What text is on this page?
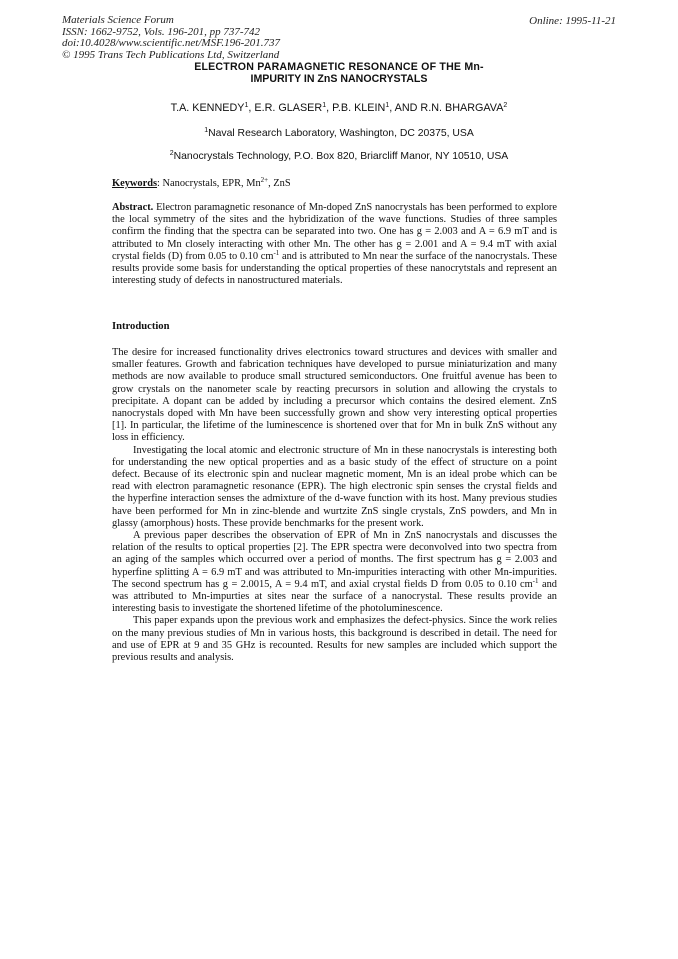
Materials Science Forum
ISSN: 1662-9752, Vols. 196-201, pp 737-742
doi:10.4028/www.scientific.net/MSF.196-201.737
© 1995 Trans Tech Publications Ltd, Switzerland
Online: 1995-11-21
ELECTRON PARAMAGNETIC RESONANCE OF THE Mn-
IMPURITY IN ZnS NANOCRYSTALS
T.A. KENNEDY$^1$, E.R. GLASER$^1$, P.B. KLEIN$^1$, AND R.N. BHARGAVA$^2$
$^1$Naval Research Laboratory, Washington, DC 20375, USA
$^2$Nanocrystals Technology, P.O. Box 820, Briarcliff Manor, NY 10510, USA
Keywords: Nanocrystals, EPR, $Mn^{2+}$, ZnS
Abstract. Electron paramagnetic resonance of Mn-doped ZnS nanocrystals has been performed to explore the local symmetry of the sites and the hybridization of the wave functions. Studies of three samples confirm the finding that the spectra can be separated into two. One has g = 2.003 and A = 6.9 mT and is attributed to Mn closely interacting with other Mn. The other has g = 2.001 and A = 9.4 mT with axial crystal fields (D) from 0.05 to 0.10 $cm^{-1}$ and is attributed to Mn near the surface of the nanocrystals. These results provide some basis for understanding the optical properties of these nanocrytstals and represent an interesting study of defects in nanostructured materials.
Introduction

The desire for increased functionality drives electronics toward structures and devices with smaller and smaller features. Growth and fabrication techniques have developed to pursue miniaturization and many methods are now available to produce small structured semiconductors. One fruitful avenue has been to grow crystals on the nanometer scale by reacting precursors in solution and allowing the crystals to precipitate. A dopant can be added by including a precursor which contains the desired element. ZnS nanocrystals doped with Mn have been successfully grown and show very interesting optical properties [1]. In particular, the lifetime of the luminescence is shortened over that for Mn in bulk ZnS without any loss in efficiency.

Investigating the local atomic and electronic structure of Mn in these nanocrystals is interesting both for understanding the new optical properties and as a basic study of the effect of structure on a point defect. Because of its electronic spin and nuclear magnetic moment, Mn is an ideal probe which can be read with electron paramagnetic resonance (EPR). The high electronic spin senses the crystal fields and the hyperfine interaction senses the admixture of the d-wave function with its host. Many previous studies have been performed for Mn in zinc-blende and wurtzite ZnS single crystals, ZnS powders, and Mn in glassy (amorphous) hosts. These provide benchmarks for the present work.

A previous paper describes the observation of EPR of Mn in ZnS nanocrystals and discusses the relation of the results to optical properties [2]. The EPR spectra were deconvolved into two spectra from an aging of the samples which occurred over a period of months. The first spectrum has g = 2.003 and hyperfine splitting A = 6.9 mT and was attributed to Mn-impurities interacting with other Mn-impurities. The second spectrum has g = 2.0015, A = 9.4 mT, and axial crystal fields D from 0.05 to 0.10 $cm^{-1}$ and was attributed to Mn-impurties at sites near the surface of a nanocrystal. These results provide an interesting basis to investigate the shortened lifetime of the photoluminescence.

This paper expands upon the previous work and emphasizes the defect-physics. Since the work relies on the many previous studies of Mn in various hosts, this background is described in detail. The need for and use of EPR at 9 and 35 GHz is recounted. Results for new samples are included which support the previous results and analysis.
